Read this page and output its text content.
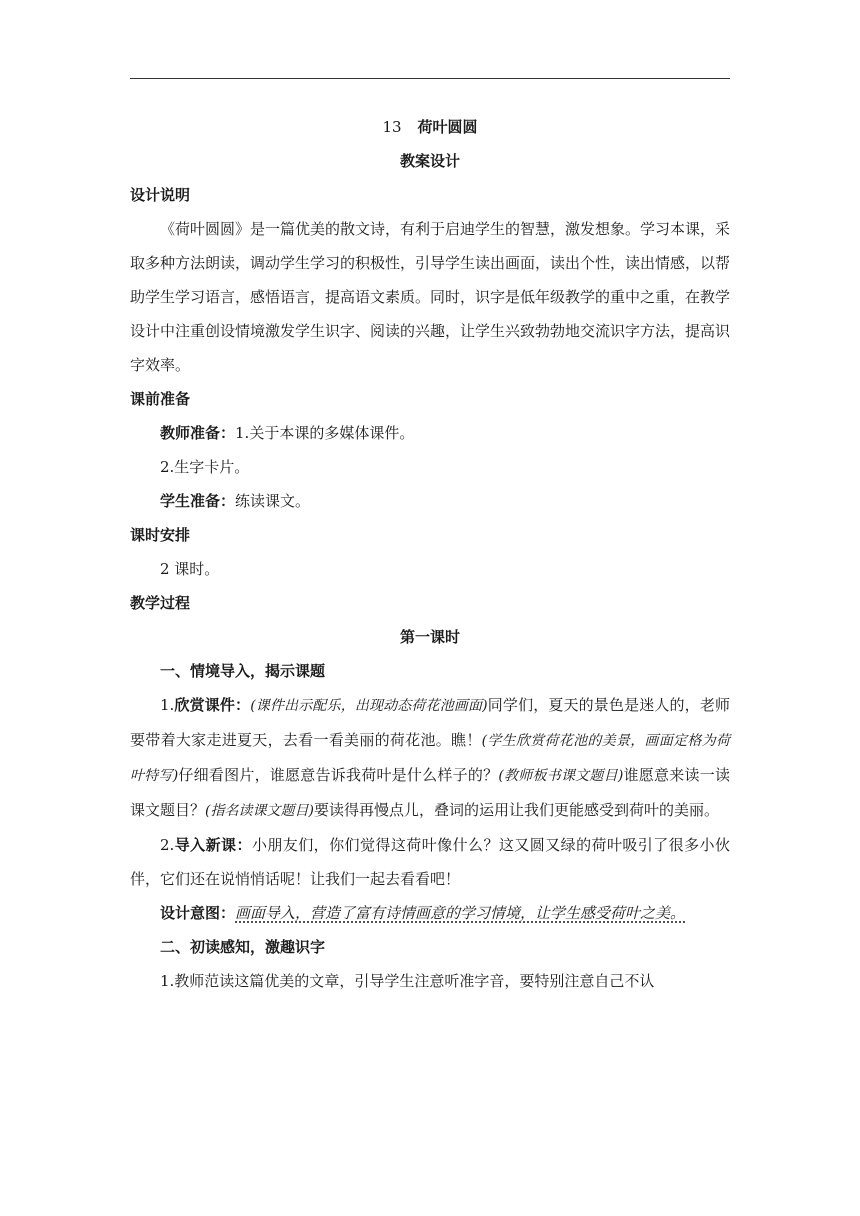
13 荷叶圆圆
教案设计
设计说明
《荷叶圆圆》是一篇优美的散文诗，有利于启迪学生的智慧，激发想象。学习本课，采取多种方法朗读，调动学生学习的积极性，引导学生读出画面，读出个性，读出情感，以帮助学生学习语言，感悟语言，提高语文素质。同时，识字是低年级教学的重中之重，在教学设计中注重创设情境激发学生识字、阅读的兴趣，让学生兴致勃勃地交流识字方法，提高识字效率。
课前准备
教师准备：1.关于本课的多媒体课件。
2.生字卡片。
学生准备：练读课文。
课时安排
2 课时。
教学过程
第一课时
一、情境导入，揭示课题
1.欣赏课件：(课件出示配乐，出现动态荷花池画面)同学们，夏天的景色是迷人的，老师要带着大家走进夏天，去看一看美丽的荷花池。瞧！(学生欣赏荷花池的美景，画面定格为荷叶特写)仔细看图片，谁愿意告诉我荷叶是什么样子的？(教师板书课文题目)谁愿意来读一读课文题目？(指名读课文题目)要读得再慢点儿，叠词的运用让我们更能感受到荷叶的美丽。
2.导入新课：小朋友们，你们觉得这荷叶像什么？这又圆又绿的荷叶吸引了很多小伙伴，它们还在说悄悄话呢！让我们一起去看看吧！
设计意图：画面导入，营造了富有诗情画意的学习情境，让学生感受荷叶之美。
二、初读感知，激趣识字
1.教师范读这篇优美的文章，引导学生注意听准字音，要特别注意自己不认
